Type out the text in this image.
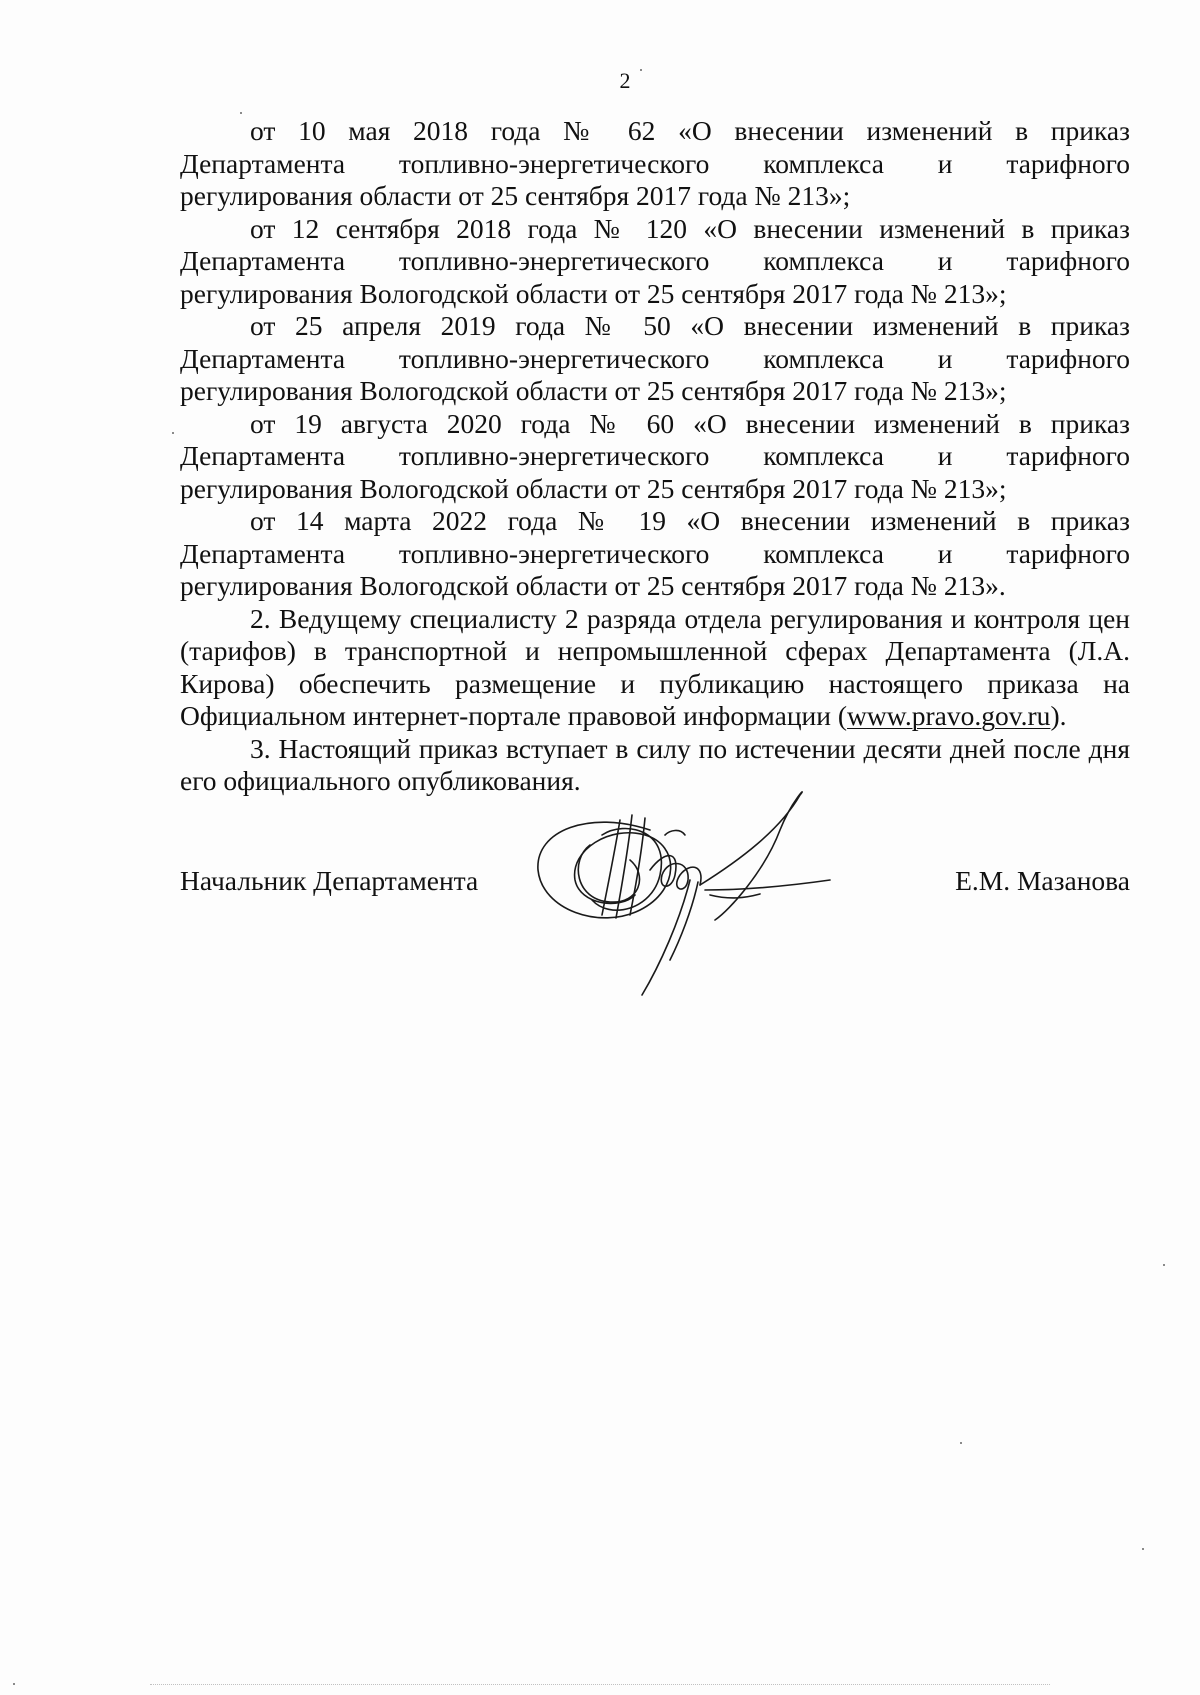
2

от 10 мая 2018 года № 62 «О внесении изменений в приказ
Департамента топливно-энергетического комплекса и тарифного
регулирования области от 25 сентября 2017 года № 213»;

от 12 сентября 2018 года № 120 «О внесении изменений в приказ
Департамента топливно-энергетического комплекса и тарифного
регулирования Вологодской области от 25 сентября 2017 года № 213»;

от 25 апреля 2019 года № 50 «О внесении изменений в приказ
Департамента топливно-энергетического комплекса и тарифного
регулирования Вологодской области от 25 сентября 2017 года № 213»;

от 19 августа 2020 года № 60 «О внесении изменений в приказ
Департамента топливно-энергетического комплекса и тарифного
регулирования Вологодской области от 25 сентября 2017 года № 213»;

от 14 марта 2022 года № 19 «О внесении изменений в приказ
Департамента топливно-энергетического комплекса и тарифного
регулирования Вологодской области от 25 сентября 2017 года № 213».

2. Ведущему специалисту 2 разряда отдела регулирования и контроля цен (тарифов) в транспортной и непромышленной сферах Департамента (Л.А. Кирова) обеспечить размещение и публикацию настоящего приказа на Официальном интернет-портале правовой информации (www.pravo.gov.ru).

3. Настоящий приказ вступает в силу по истечении десяти дней после дня его официального опубликования.

Начальник Департамента	Е.М. Мазанова
